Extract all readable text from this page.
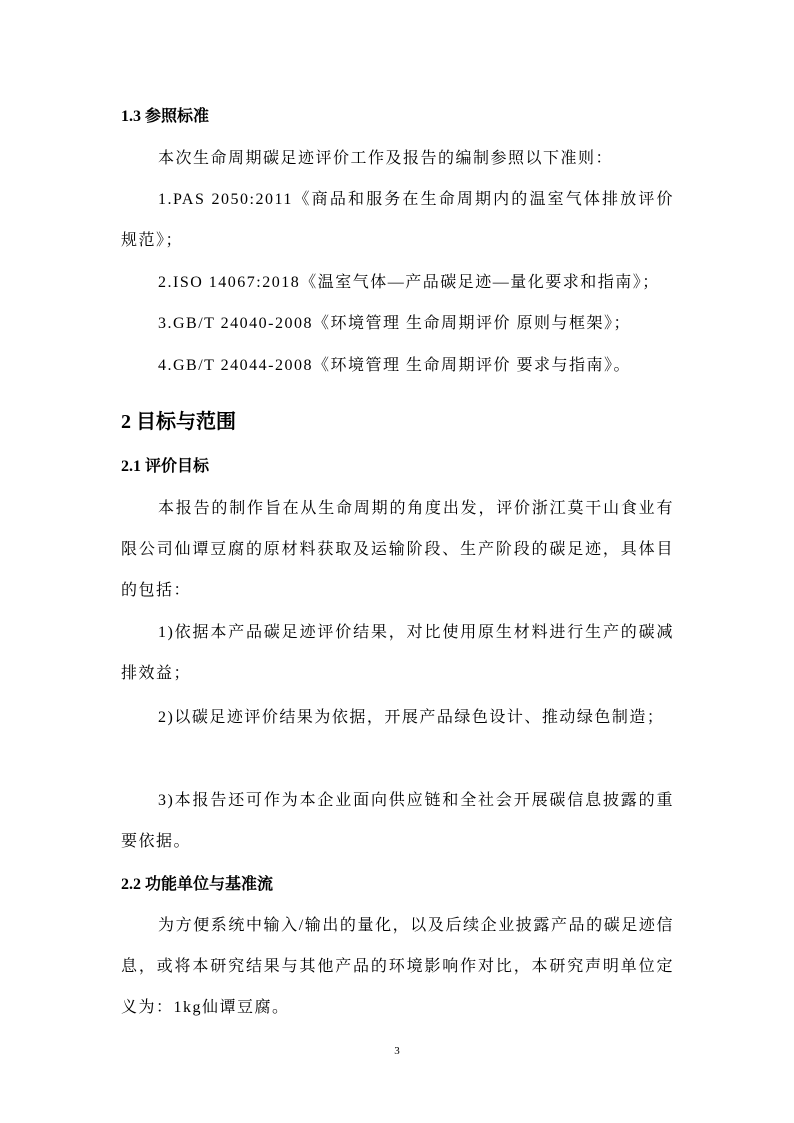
1.3 参照标准

本次生命周期碳足迹评价工作及报告的编制参照以下准则：

1.PAS 2050:2011《商品和服务在生命周期内的温室气体排放评价规范》；

2.ISO 14067:2018《温室气体—产品碳足迹—量化要求和指南》；

3.GB/T 24040-2008《环境管理 生命周期评价 原则与框架》；

4.GB/T 24044-2008《环境管理 生命周期评价 要求与指南》。

2 目标与范围
2.1 评价目标

本报告的制作旨在从生命周期的角度出发，评价浙江莫干山食业有限公司仙谭豆腐的原材料获取及运输阶段、生产阶段的碳足迹，具体目的包括：

1)依据本产品碳足迹评价结果，对比使用原生材料进行生产的碳减排效益；

2)以碳足迹评价结果为依据，开展产品绿色设计、推动绿色制造；

3)本报告还可作为本企业面向供应链和全社会开展碳信息披露的重要依据。

2.2 功能单位与基准流

为方便系统中输入/输出的量化，以及后续企业披露产品的碳足迹信息，或将本研究结果与其他产品的环境影响作对比，本研究声明单位定义为：1kg仙谭豆腐。

3
